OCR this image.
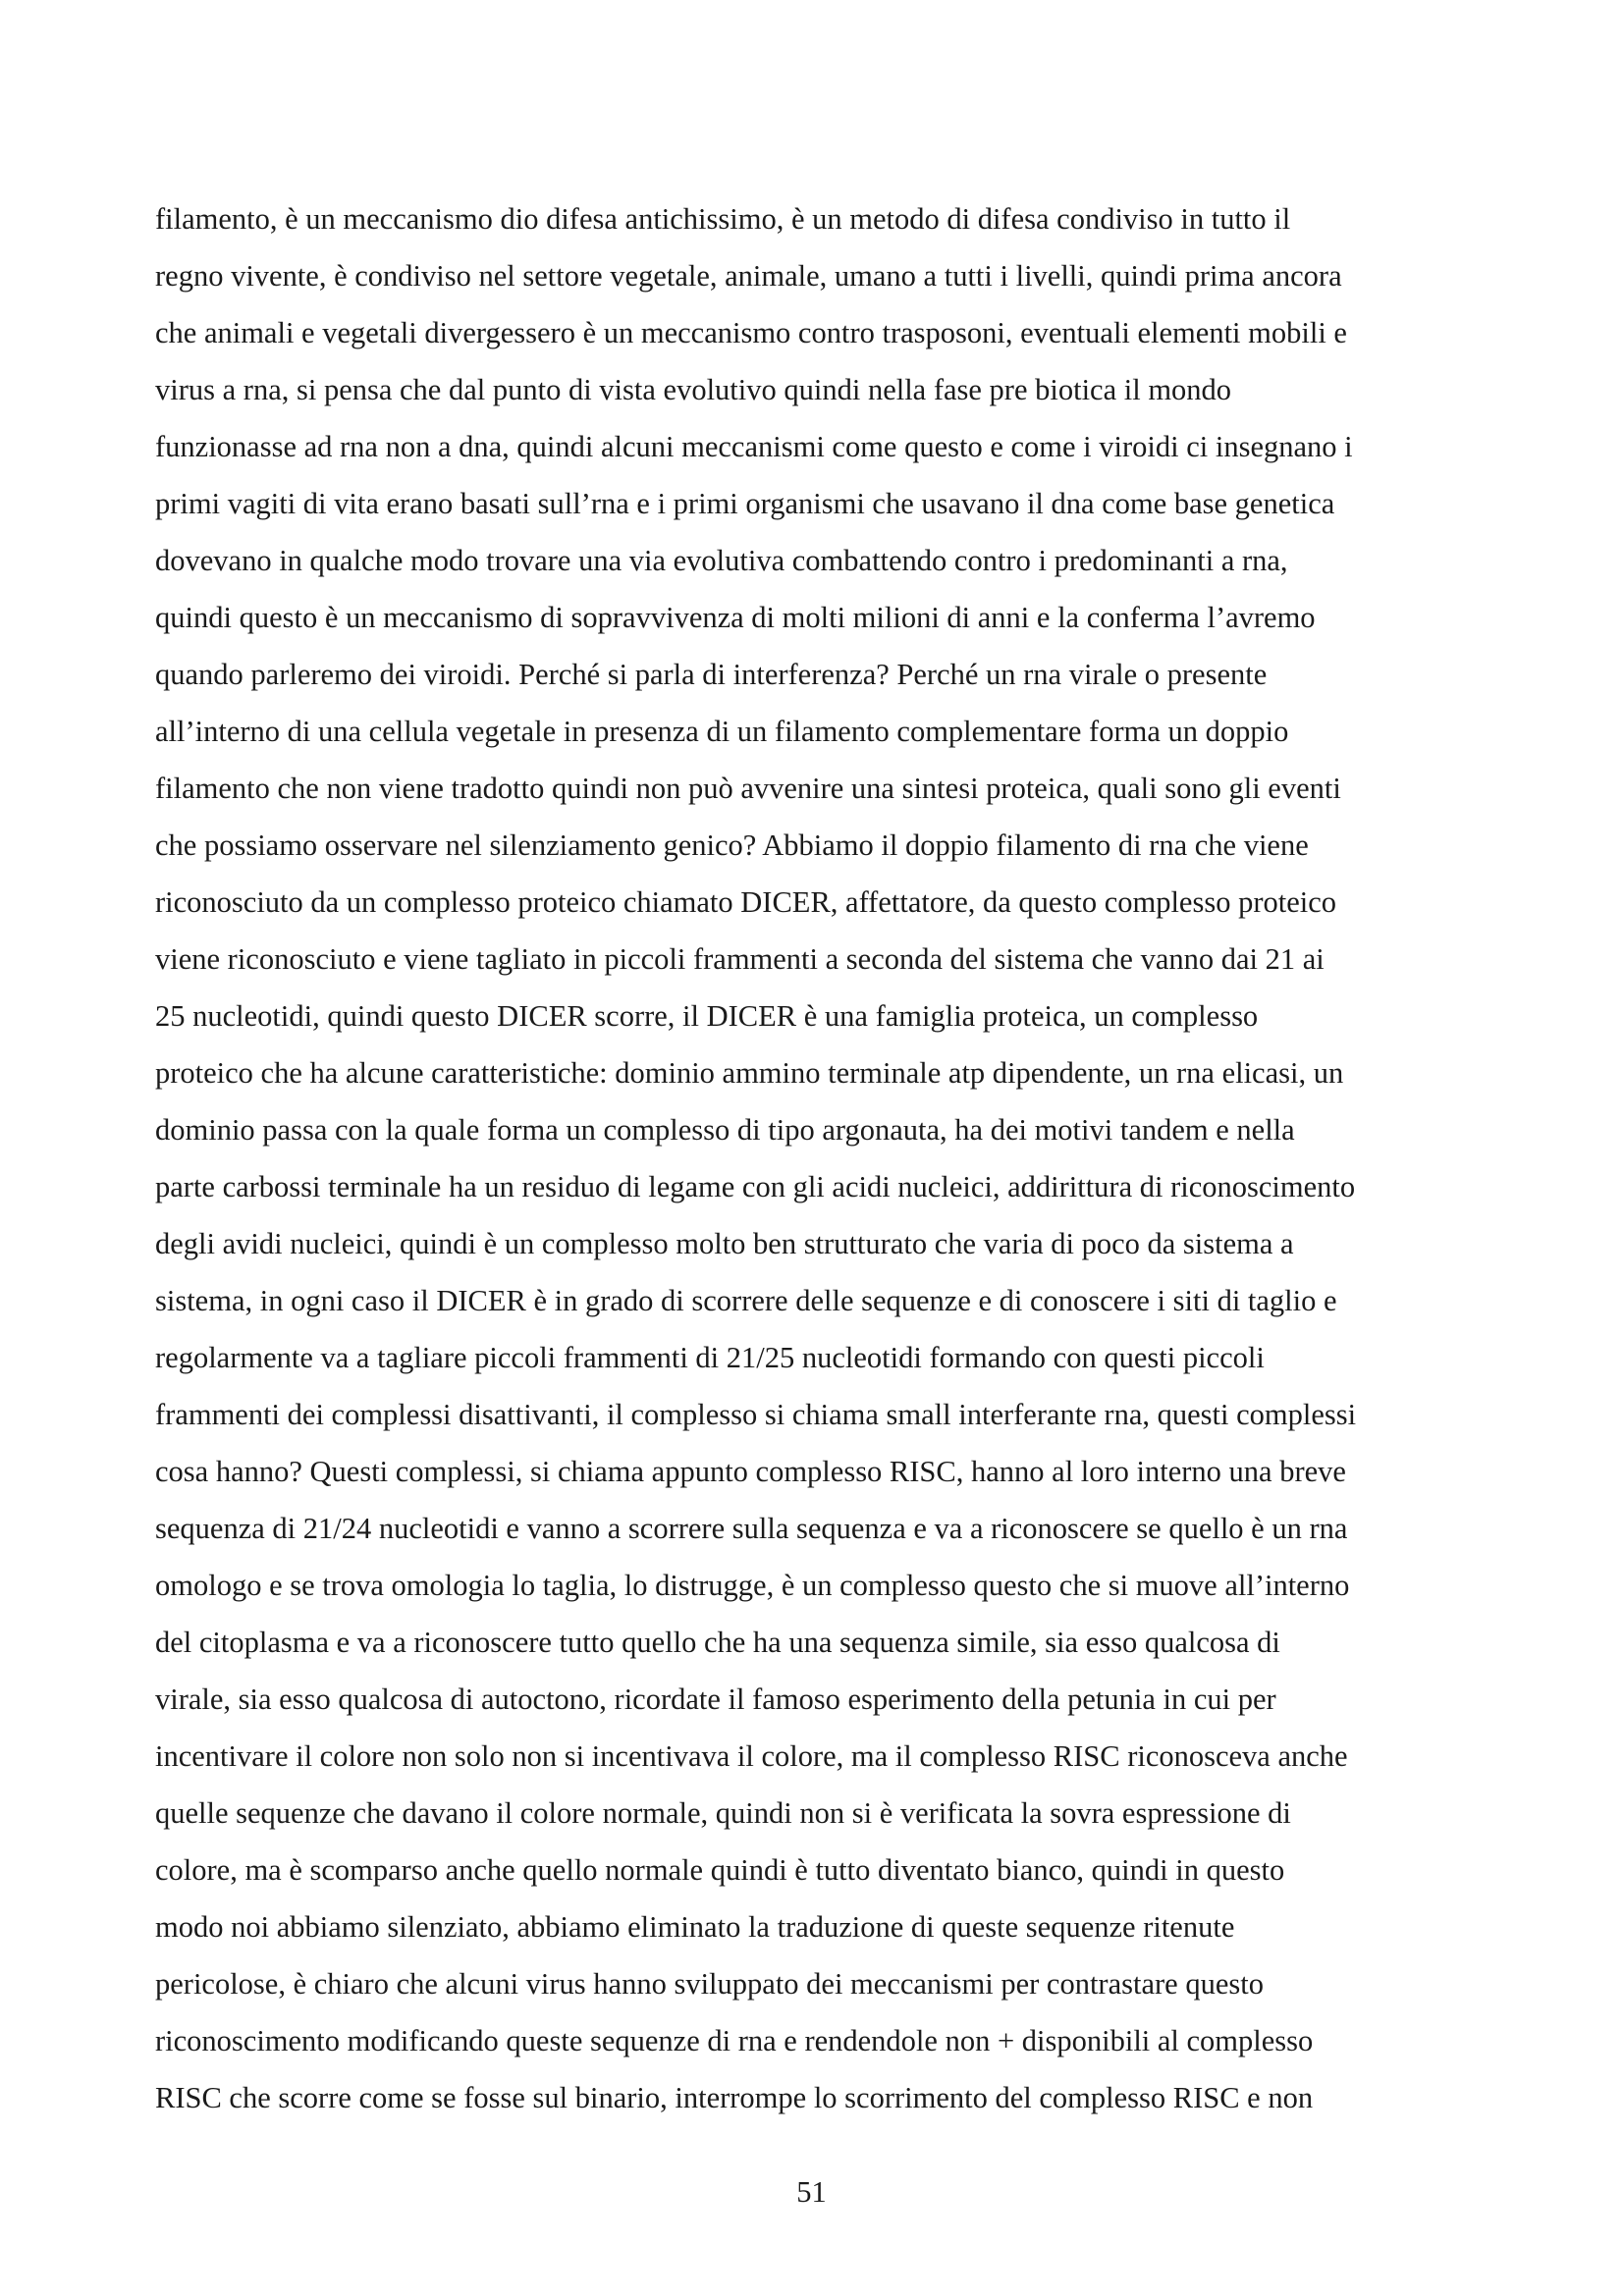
filamento, è un meccanismo dio difesa antichissimo, è un metodo di difesa condiviso in tutto il
regno vivente, è condiviso nel settore vegetale, animale, umano a tutti i livelli, quindi prima ancora
che animali e vegetali divergessero è un meccanismo contro trasposoni, eventuali elementi mobili e
virus a rna, si pensa che dal punto di vista evolutivo quindi nella fase pre biotica il mondo
funzionasse ad rna non a dna, quindi alcuni meccanismi come questo e come i viroidi ci insegnano i
primi vagiti di vita erano basati sull’rna e i primi organismi che usavano il dna come base genetica
dovevano in qualche modo trovare una via evolutiva combattendo contro i predominanti a rna,
quindi questo è un meccanismo di sopravvivenza di molti milioni di anni e la conferma l’avremo
quando parleremo dei viroidi. Perché si parla di interferenza? Perché un rna virale o presente
all’interno di una cellula vegetale in presenza di un filamento complementare forma un doppio
filamento che non viene tradotto quindi non può avvenire una sintesi proteica, quali sono gli eventi
che possiamo osservare nel silenziamento genico? Abbiamo il doppio filamento di rna che viene
riconosciuto da un complesso proteico chiamato DICER, affettatore, da questo complesso proteico
viene riconosciuto e viene tagliato in piccoli frammenti a seconda del sistema che vanno dai 21 ai
25 nucleotidi, quindi questo DICER scorre, il DICER è una famiglia proteica, un complesso
proteico che ha alcune caratteristiche: dominio ammino terminale atp dipendente, un rna elicasi, un
dominio passa con la quale forma un complesso di tipo argonauta, ha dei motivi tandem e nella
parte carbossi terminale ha un residuo di legame con gli acidi nucleici, addirittura di riconoscimento
degli avidi nucleici, quindi è un complesso molto ben strutturato che varia di poco da sistema a
sistema, in ogni caso il DICER è in grado di scorrere delle sequenze e di conoscere i siti di taglio e
regolarmente va a tagliare piccoli frammenti di 21/25 nucleotidi formando con questi piccoli
frammenti dei complessi disattivanti, il complesso si chiama small interferante rna, questi complessi
cosa hanno? Questi complessi, si chiama appunto complesso RISC, hanno al loro interno una breve
sequenza di 21/24 nucleotidi e vanno a scorrere sulla sequenza e va a riconoscere se quello è un rna
omologo e se trova omologia lo taglia, lo distrugge, è un complesso questo che si muove all’interno
del citoplasma e va a riconoscere tutto quello che ha una sequenza simile, sia esso qualcosa di
virale, sia esso qualcosa di autoctono, ricordate il famoso esperimento della petunia in cui per
incentivare il colore non solo non si incentivava il colore, ma il complesso RISC riconosceva anche
quelle sequenze che davano il colore normale, quindi non si è verificata la sovra espressione di
colore, ma è scomparso anche quello normale quindi è tutto diventato bianco, quindi in questo
modo noi abbiamo silenziato, abbiamo eliminato la traduzione di queste sequenze ritenute
pericolose, è chiaro che alcuni virus hanno sviluppato dei meccanismi per contrastare questo
riconoscimento modificando queste sequenze di rna e rendendole non + disponibili al complesso
RISC che scorre come se fosse sul binario, interrompe lo scorrimento del complesso RISC e non
51
